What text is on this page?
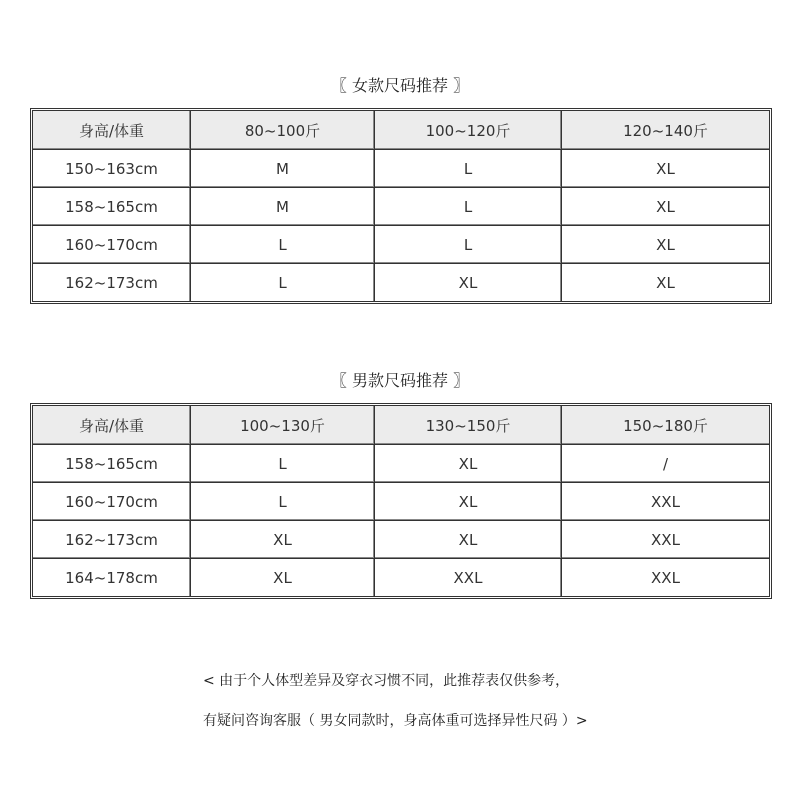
〖 女款尺码推荐 〗
身高/体重	80~100斤	100~120斤	120~140斤
150~163cm	M	L	XL
158~165cm	M	L	XL
160~170cm	L	L	XL
162~173cm	L	XL	XL
〖 男款尺码推荐 〗
身高/体重	100~130斤	130~150斤	150~180斤
158~165cm	L	XL	/
160~170cm	L	XL	XXL
162~173cm	XL	XL	XXL
164~178cm	XL	XXL	XXL
< 由于个人体型差异及穿衣习惯不同，此推荐表仅供参考，
有疑问咨询客服（ 男女同款时，身高体重可选择异性尺码 ）>
